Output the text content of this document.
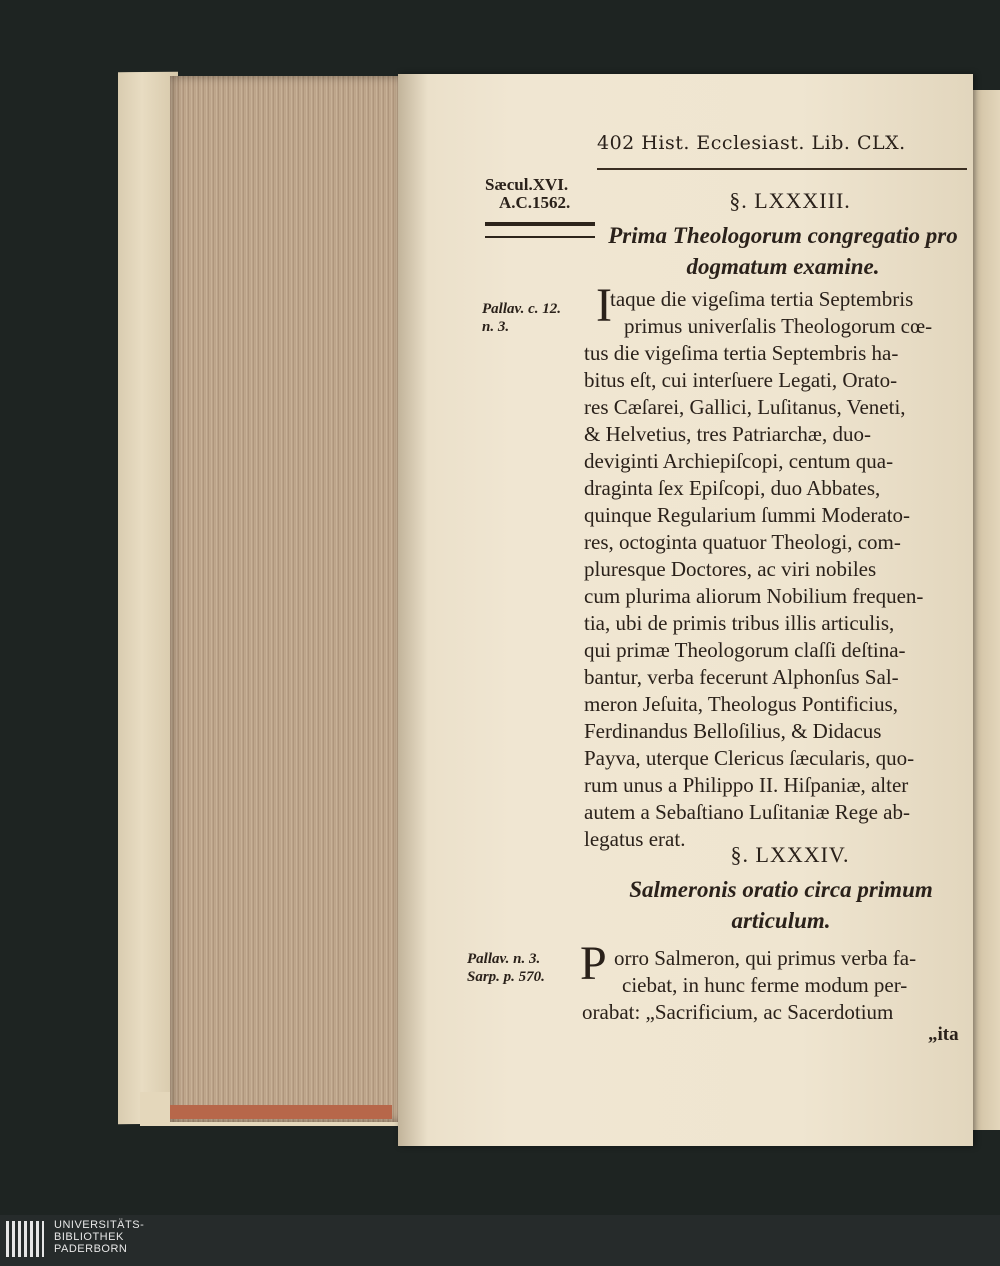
402 Hist. Ecclesiast. Lib. CLX.
Sæcul.XVI.
A.C.1562.	§. LXXXIII.
Prima Theologorum congregatio pro
dogmatum examine.
Pallav. c. 12.
n. 3.	I
taque die vigeſima tertia Septembris
primus univerſalis Theologorum cœ-
tus die vigeſima tertia Septembris ha-
bitus eſt, cui interſuere Legati, Orato-
res Cæſarei, Gallici, Luſitanus, Veneti,
& Helvetius, tres Patriarchæ, duo-
deviginti Archiepiſcopi, centum qua-
draginta ſex Epiſcopi, duo Abbates,
quinque Regularium ſummi Moderato-
res, octoginta quatuor Theologi, com-
pluresque Doctores, ac viri nobiles
cum plurima aliorum Nobilium frequen-
tia, ubi de primis tribus illis articulis,
qui primæ Theologorum claſſi deſtina-
bantur, verba fecerunt Alphonſus Sal-
meron Jeſuita, Theologus Pontificius,
Ferdinandus Belloſilius, & Didacus
Payva, uterque Clericus ſæcularis, quo-
rum unus a Philippo II. Hiſpaniæ, alter
autem a Sebaſtiano Luſitaniæ Rege ab-
legatus erat.
§. LXXXIV.
Salmeronis oratio circa primum
articulum.
Pallav. n. 3.
Sarp. p. 570. P orro Salmeron, qui primus verba fa-
ciebat, in hunc ferme modum per-
orabat: „Sacrificium, ac Sacerdotium
„ita
UNIVERSITÄTS-
BIBLIOTHEK
PADERBORN
